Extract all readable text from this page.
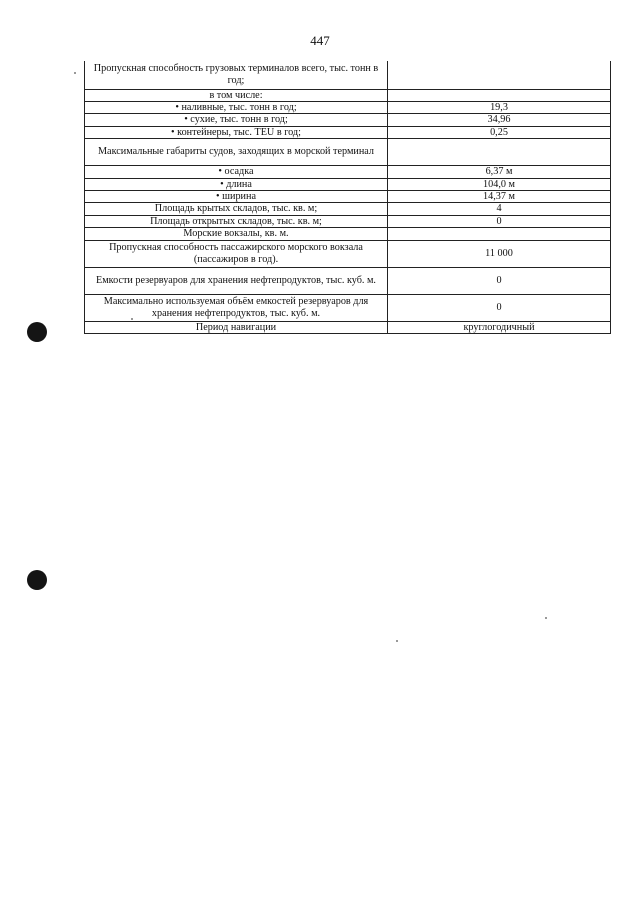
447
Пропускная способность грузовых терминалов всего, тыс. тонн в год;	
в том числе:	
• наливные, тыс. тонн в год;	19,3
• сухие, тыс. тонн в год;	34,96
• контейнеры, тыс. TEU в год;	0,25
Максимальные габариты судов, заходящих в морской терминал	
• осадка	6,37 м
• длина	104,0 м
• ширина	14,37 м
Площадь крытых складов, тыс. кв. м;	4
Площадь открытых складов, тыс. кв. м;	0
Морские вокзалы, кв. м.	
Пропускная способность пассажирского морского вокзала (пассажиров в год).	11 000
Емкости резервуаров для хранения нефтепродуктов, тыс. куб. м.	0
Максимально используемая объём емкостей резервуаров для хранения нефтепродуктов, тыс. куб. м.	0
Период навигации	круглогодичный
